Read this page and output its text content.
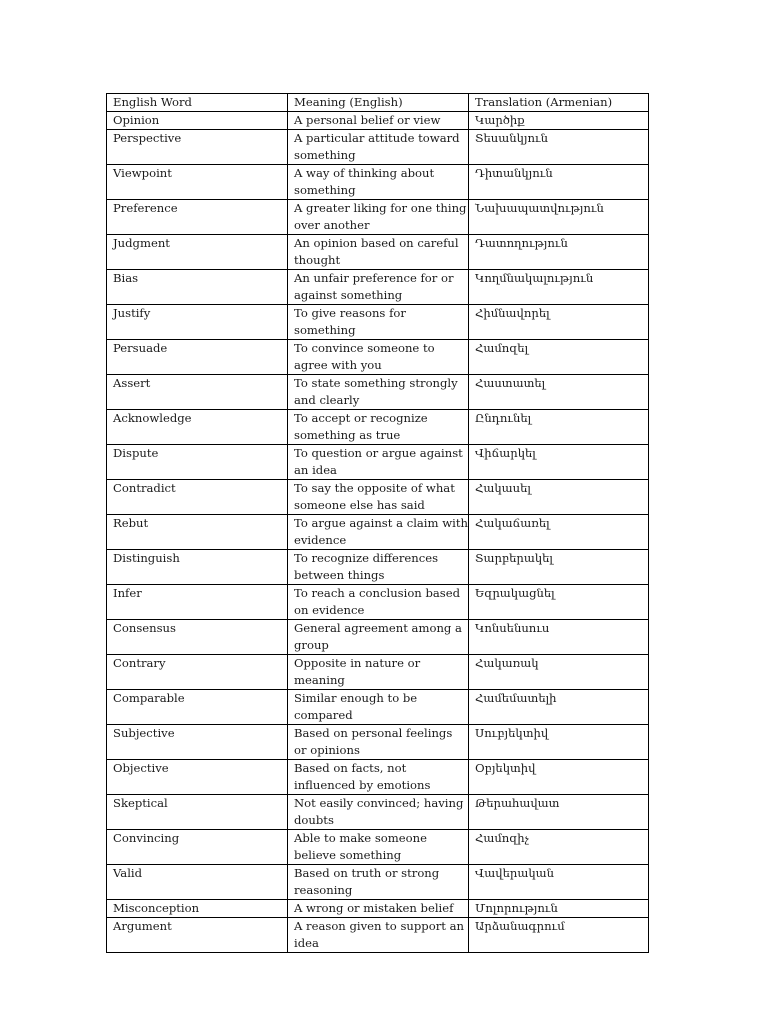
English Word	Meaning (English)	Translation (Armenian)
Opinion	A personal belief or view	Կարծիք
Perspective	A particular attitude toward something	Տեսանկյուն
Viewpoint	A way of thinking about something	Դիտանկյուն
Preference	A greater liking for one thing over another	Նախապատվություն
Judgment	An opinion based on careful thought	Դատողություն
Bias	An unfair preference for or against something	Կողմնակալություն
Justify	To give reasons for something	Հիմնավորել
Persuade	To convince someone to agree with you	Համոզել
Assert	To state something strongly and clearly	Հաստատել
Acknowledge	To accept or recognize something as true	Ընդունել
Dispute	To question or argue against an idea	Վիճարկել
Contradict	To say the opposite of what someone else has said	Հակասել
Rebut	To argue against a claim with evidence	Հակաճառել
Distinguish	To recognize differences between things	Տարբերակել
Infer	To reach a conclusion based on evidence	Եզրակացնել
Consensus	General agreement among a group	Կոնսենսուս
Contrary	Opposite in nature or meaning	Հակառակ
Comparable	Similar enough to be compared	Համեմատելի
Subjective	Based on personal feelings or opinions	Սուբյեկտիվ
Objective	Based on facts, not influenced by emotions	Օբյեկտիվ
Skeptical	Not easily convinced; having doubts	Թերահավատ
Convincing	Able to make someone believe something	Համոզիչ
Valid	Based on truth or strong reasoning	Վավերական
Misconception	A wrong or mistaken belief	Մոլորություն
Argument	A reason given to support an idea	Արձանագրում
